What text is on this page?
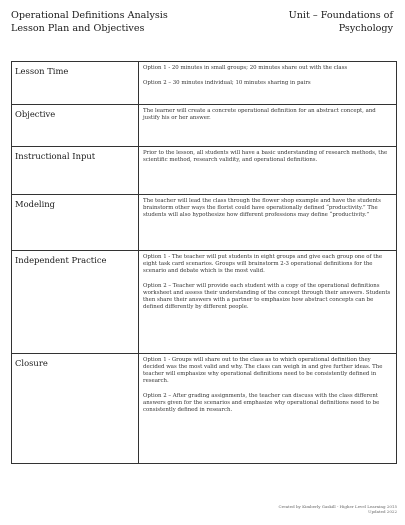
Operational Definitions Analysis
Lesson Plan and Objectives
Unit – Foundations of
Psychology
Lesson Time	Option 1 - 20 minutes in small groups; 20 minutes share out with the class

Option 2 – 30 minutes individual; 10 minutes sharing in pairs

Objective	The learner will create a concrete operational definition for an abstract concept, and justify his or her answer.

Instructional Input	Prior to the lesson, all students will have a basic understanding of research methods, the scientific method, research validity, and operational definitions.

Modeling	The teacher will lead the class through the flower shop example and have the students brainstorm other ways the florist could have operationally defined “productivity.” The students will also hypothesize how different professions may define “productivity.”

Independent Practice	Option 1 - The teacher will put students in eight groups and give each group one of the eight task card scenarios. Groups will brainstorm 2-3 operational definitions for the scenario and debate which is the most valid.

Option 2 – Teacher will provide each student with a copy of the operational definitions worksheet and assess their understanding of the concept through their answers. Students then share their answers with a partner to emphasize how abstract concepts can be defined differently by different people.

Closure	Option 1 - Groups will share out to the class as to which operational definition they decided was the most valid and why. The class can weigh in and give further ideas. The teacher will emphasize why operational definitions need to be consistently defined in research.

Option 2 – After grading assignments, the teacher can discuss with the class different answers given for the scenarios and emphasize why operational definitions need to be consistently defined in research.

Created by Kimberly Gaskill - Higher Level Learning 2015
Updated 2022
